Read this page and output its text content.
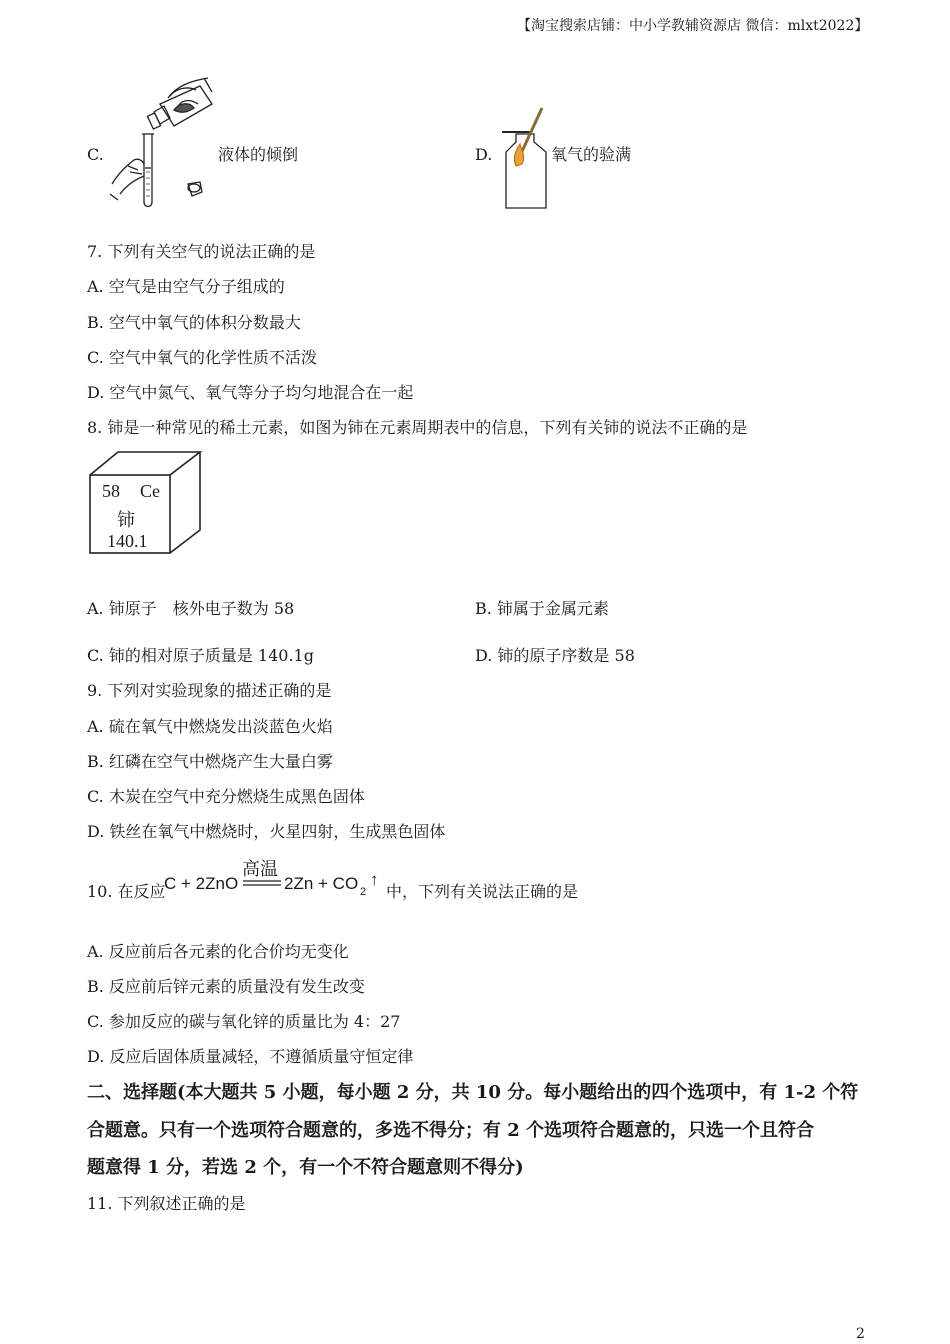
【淘宝搜索店铺：中小学教辅资源店 微信：mlxt2022】
C.	液体的倾倒	D.	氧气的验满
7. 下列有关空气的说法正确的是
A. 空气是由空气分子组成的
B. 空气中氧气的体积分数最大
C. 空气中氧气的化学性质不活泼
D. 空气中氮气、氧气等分子均匀地混合在一起
8. 铈是一种常见的稀土元素，如图为铈在元素周期表中的信息，下列有关铈的说法不正确的是
58 Ce
铈
140.1
A. 铈原子　核外电子数为 58	B. 铈属于金属元素
C. 铈的相对原子质量是 140.1g	D. 铈的原子序数是 58
9. 下列对实验现象的描述正确的是
A. 硫在氧气中燃烧发出淡蓝色火焰
B. 红磷在空气中燃烧产生大量白雾
C. 木炭在空气中充分燃烧生成黑色固体
D. 铁丝在氧气中燃烧时，火星四射，生成黑色固体
10. 在反应
C + 2ZnO
高温
2Zn + CO 2
↑
中，下列有关说法正确的是
A. 反应前后各元素的化合价均无变化
B. 反应前后锌元素的质量没有发生改变
C. 参加反应的碳与氧化锌的质量比为 4：27
D. 反应后固体质量减轻，不遵循质量守恒定律
二、选择题(本大题共 5 小题，每小题 2 分，共 10 分。每小题给出的四个选项中，有 1-2 个符
合题意。只有一个选项符合题意的，多选不得分；有 2 个选项符合题意的，只选一个且符合
题意得 1 分，若选 2 个，有一个不符合题意则不得分)
11. 下列叙述正确的是
2
